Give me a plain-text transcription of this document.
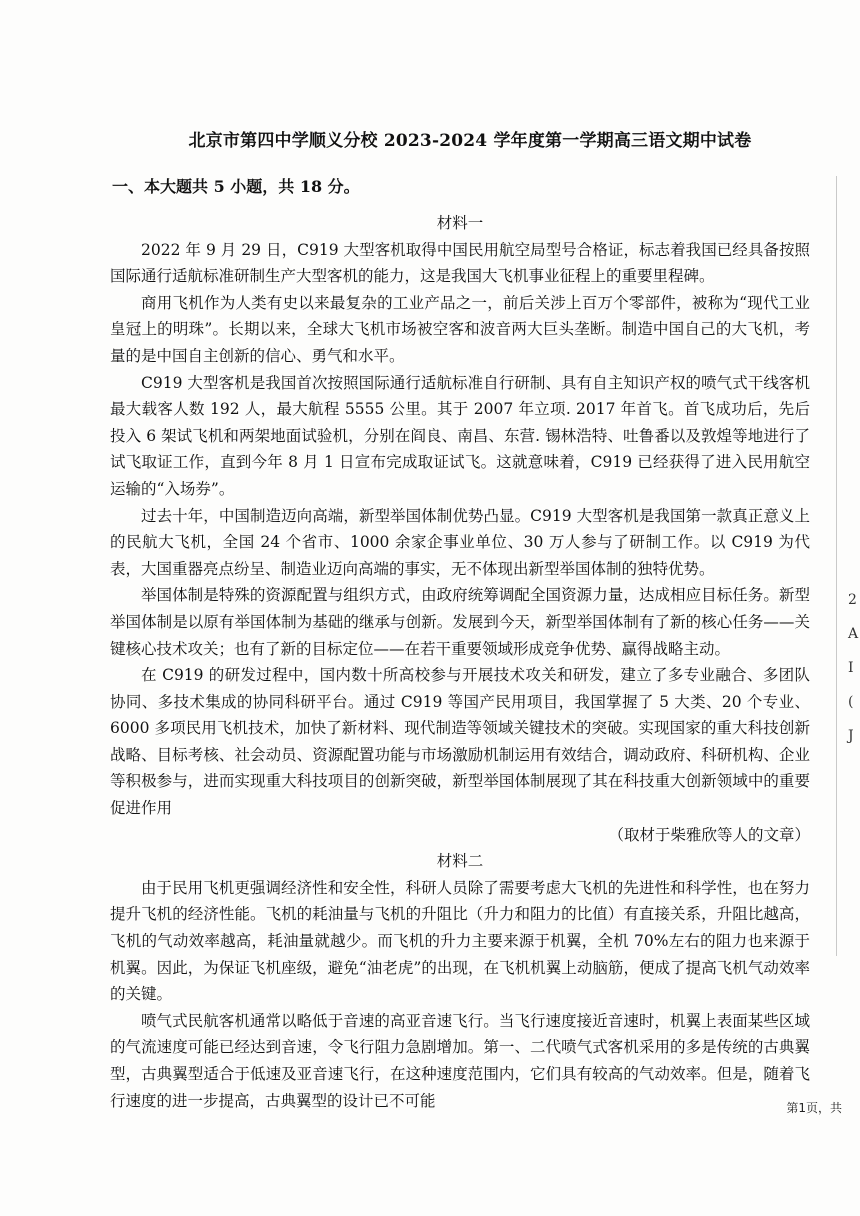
北京市第四中学顺义分校 2023-2024 学年度第一学期高三语文期中试卷
一、本大题共 5 小题，共 18 分。

材料一

2022 年 9 月 29 日，C919 大型客机取得中国民用航空局型号合格证，标志着我国已经具备按照国际通行适航标准研制生产大型客机的能力，这是我国大飞机事业征程上的重要里程碑。

商用飞机作为人类有史以来最复杂的工业产品之一，前后关涉上百万个零部件，被称为“现代工业皇冠上的明珠”。长期以来，全球大飞机市场被空客和波音两大巨头垄断。制造中国自己的大飞机，考量的是中国自主创新的信心、勇气和水平。

C919 大型客机是我国首次按照国际通行适航标准自行研制、具有自主知识产权的喷气式干线客机 最大载客人数 192 人，最大航程 5555 公里。其于 2007 年立项. 2017 年首飞。首飞成功后，先后投入 6 架试飞机和两架地面试验机，分别在阎良、南昌、东营. 锡林浩特、吐鲁番以及敦煌等地进行了试飞取证工作，直到今年 8 月 1 日宣布完成取证试飞。这就意味着，C919 已经获得了进入民用航空运输的“入场券”。

过去十年，中国制造迈向高端，新型举国体制优势凸显。C919 大型客机是我国第一款真正意义上的民航大飞机，全国 24 个省市、1000 余家企事业单位、30 万人参与了研制工作。以 C919 为代表，大国重器亮点纷呈、制造业迈向高端的事实，无不体现出新型举国体制的独特优势。

举国体制是特殊的资源配置与组织方式，由政府统筹调配全国资源力量，达成相应目标任务。新型举国体制是以原有举国体制为基础的继承与创新。发展到今天，新型举国体制有了新的核心任务——关键核心技术攻关；也有了新的目标定位——在若干重要领域形成竞争优势、赢得战略主动。

在 C919 的研发过程中，国内数十所高校参与开展技术攻关和研发，建立了多专业融合、多团队协同、多技术集成的协同科研平台。通过 C919 等国产民用项目，我国掌握了 5 大类、20 个专业、6000 多项民用飞机技术，加快了新材料、现代制造等领域关键技术的突破。实现国家的重大科技创新战略、目标考核、社会动员、资源配置功能与市场激励机制运用有效结合，调动政府、科研机构、企业等积极参与，进而实现重大科技项目的创新突破，新型举国体制展现了其在科技重大创新领域中的重要促进作用

（取材于柴雅欣等人的文章）

材料二

由于民用飞机更强调经济性和安全性，科研人员除了需要考虑大飞机的先进性和科学性，也在努力提升飞机的经济性能。飞机的耗油量与飞机的升阻比（升力和阻力的比值）有直接关系，升阻比越高，飞机的气动效率越高，耗油量就越少。而飞机的升力主要来源于机翼，全机 70%左右的阻力也来源于机翼。因此，为保证飞机座级，避免“油老虎”的出现，在飞机机翼上动脑筋，便成了提高飞机气动效率的关键。

喷气式民航客机通常以略低于音速的高亚音速飞行。当飞行速度接近音速时，机翼上表面某些区域的气流速度可能已经达到音速，令飞行阻力急剧增加。第一、二代喷气式客机采用的多是传统的古典翼型，古典翼型适合于低速及亚音速飞行，在这种速度范围内，它们具有较高的气动效率。但是，随着飞行速度的进一步提高，古典翼型的设计已不可能

2
A
I
(
J
第1页，共
